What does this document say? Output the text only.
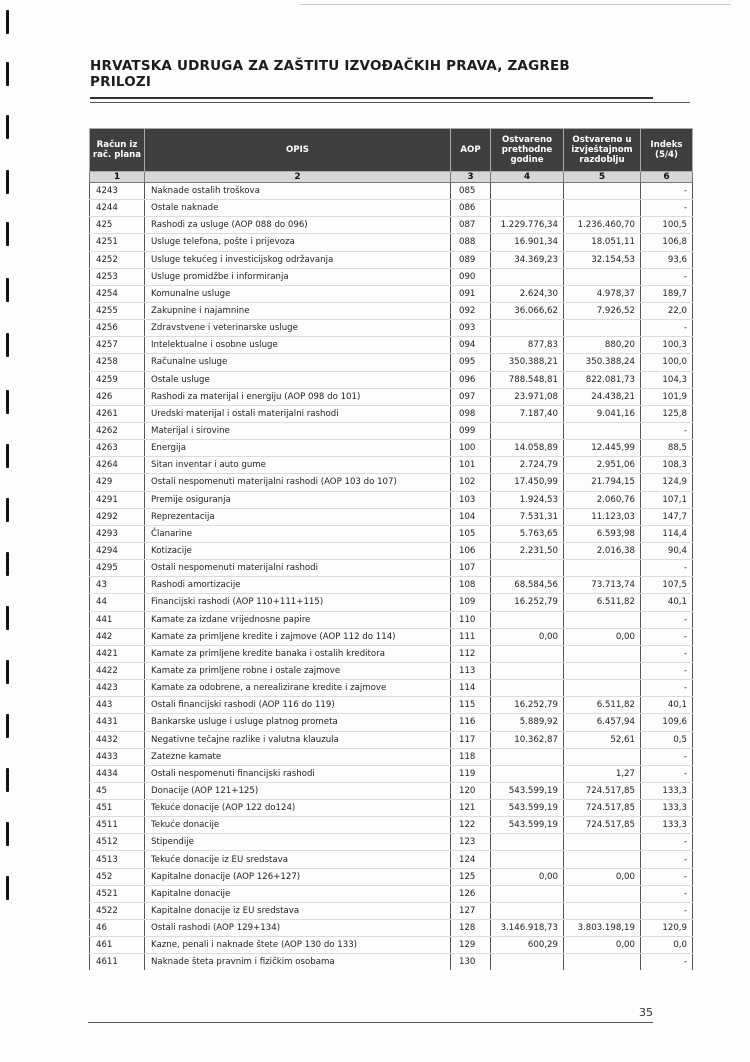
HRVATSKA UDRUGA ZA ZAŠTITU IZVOĐAČKIH PRAVA, ZAGREB
PRILOZI
Račun iz rač. plana	OPIS	AOP	Ostvareno prethodne godine	Ostvareno u izvještajnom razdoblju	Indeks (5/4)
1	2	3	4	5	6
4243	Naknade ostalih troškova	085			-
4244	Ostale naknade	086			-
425	Rashodi za usluge (AOP 088 do 096)	087	1.229.776,34	1.236.460,70	100,5
4251	Usluge telefona, pošte i prijevoza	088	16.901,34	18.051,11	106,8
4252	Usluge tekućeg i investicijskog održavanja	089	34.369,23	32.154,53	93,6
4253	Usluge promidžbe i informiranja	090			-
4254	Komunalne usluge	091	2.624,30	4.978,37	189,7
4255	Zakupnine i najamnine	092	36.066,62	7.926,52	22,0
4256	Zdravstvene i veterinarske usluge	093			-
4257	Intelektualne i osobne usluge	094	877,83	880,20	100,3
4258	Računalne usluge	095	350.388,21	350.388,24	100,0
4259	Ostale usluge	096	788.548,81	822.081,73	104,3
426	Rashodi za materijal i energiju (AOP 098 do 101)	097	23.971,08	24.438,21	101,9
4261	Uredski materijal i ostali materijalni rashodi	098	7.187,40	9.041,16	125,8
4262	Materijal i sirovine	099			-
4263	Energija	100	14.058,89	12.445,99	88,5
4264	Sitan inventar i auto gume	101	2.724,79	2.951,06	108,3
429	Ostali nespomenuti materijalni rashodi (AOP 103 do 107)	102	17.450,99	21.794,15	124,9
4291	Premije osiguranja	103	1.924,53	2.060,76	107,1
4292	Reprezentacija	104	7.531,31	11.123,03	147,7
4293	Članarine	105	5.763,65	6.593,98	114,4
4294	Kotizacije	106	2.231,50	2.016,38	90,4
4295	Ostali nespomenuti materijalni rashodi	107			-
43	Rashodi amortizacije	108	68.584,56	73.713,74	107,5
44	Financijski rashodi (AOP 110+111+115)	109	16.252,79	6.511,82	40,1
441	Kamate za izdane vrijednosne papire	110			-
442	Kamate za primljene kredite i zajmove (AOP 112 do 114)	111	0,00	0,00	-
4421	Kamate za primljene kredite banaka i ostalih kreditora	112			-
4422	Kamate za primljene robne i ostale zajmove	113			-
4423	Kamate za odobrene, a nerealizirane kredite i zajmove	114			-
443	Ostali financijski rashodi (AOP 116 do 119)	115	16.252,79	6.511,82	40,1
4431	Bankarske usluge i usluge platnog prometa	116	5.889,92	6.457,94	109,6
4432	Negativne tečajne razlike i valutna klauzula	117	10.362,87	52,61	0,5
4433	Zatezne kamate	118			-
4434	Ostali nespomenuti financijski rashodi	119		1,27	-
45	Donacije (AOP 121+125)	120	543.599,19	724.517,85	133,3
451	Tekuće donacije (AOP 122 do124)	121	543.599,19	724.517,85	133,3
4511	Tekuće donacije	122	543.599,19	724.517,85	133,3
4512	Stipendije	123			-
4513	Tekuće donacije iz EU sredstava	124			-
452	Kapitalne donacije (AOP 126+127)	125	0,00	0,00	-
4521	Kapitalne donacije	126			-
4522	Kapitalne donacije iz EU sredstava	127			-
46	Ostali rashodi (AOP 129+134)	128	3.146.918,73	3.803.198,19	120,9
461	Kazne, penali i naknade štete (AOP 130 do 133)	129	600,29	0,00	0,0
4611	Naknade šteta pravnim i fizičkim osobama	130			-
35
